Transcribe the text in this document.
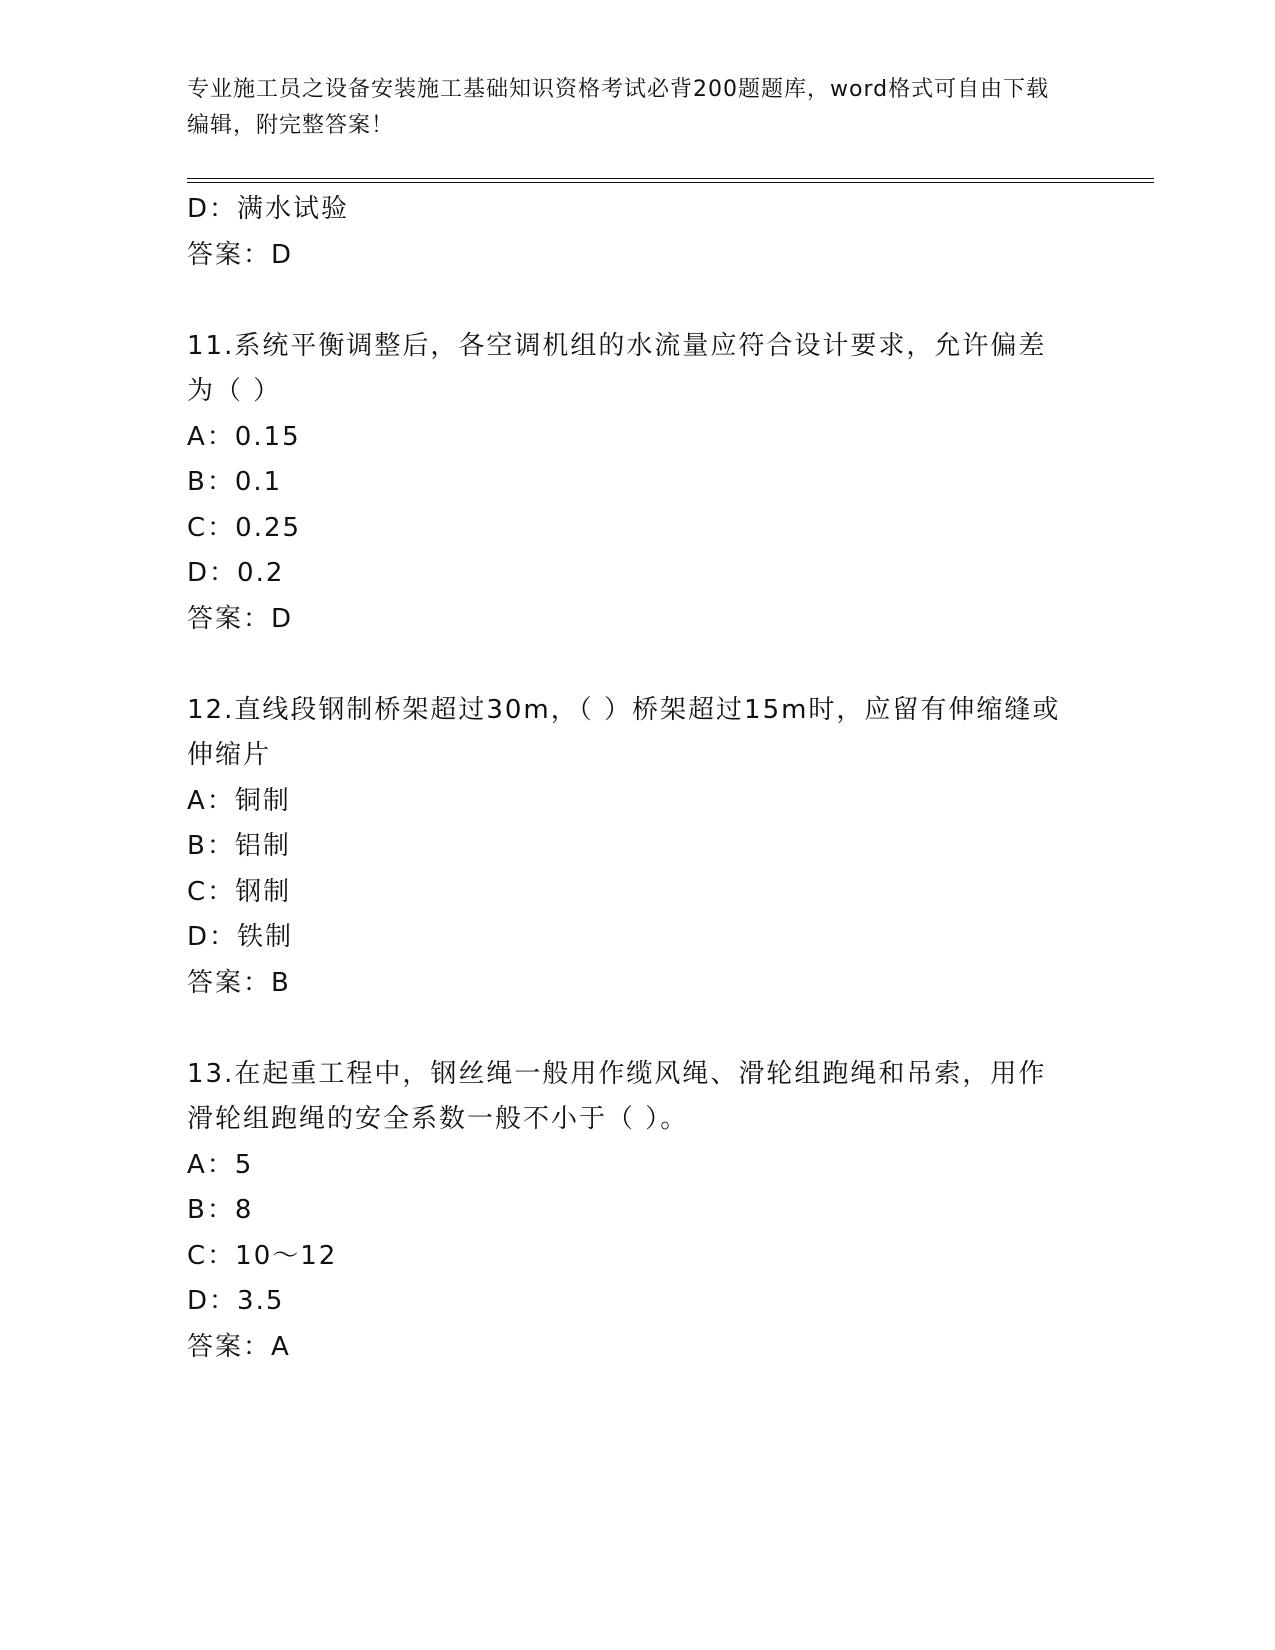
专业施工员之设备安装施工基础知识资格考试必背200题题库，word格式可自由下载编辑，附完整答案！
D：满水试验
答案：D
11.系统平衡调整后，各空调机组的水流量应符合设计要求，允许偏差
为（ ）
A：0.15
B：0.1
C：0.25
D：0.2
答案：D
12.直线段钢制桥架超过30m，（ ）桥架超过15m时，应留有伸缩缝或
伸缩片
A：铜制
B：铝制
C：钢制
D：铁制
答案：B
13.在起重工程中，钢丝绳一般用作缆风绳、滑轮组跑绳和吊索，用作
滑轮组跑绳的安全系数一般不小于（ ）。
A：5
B：8
C：10～12
D：3.5
答案：A
